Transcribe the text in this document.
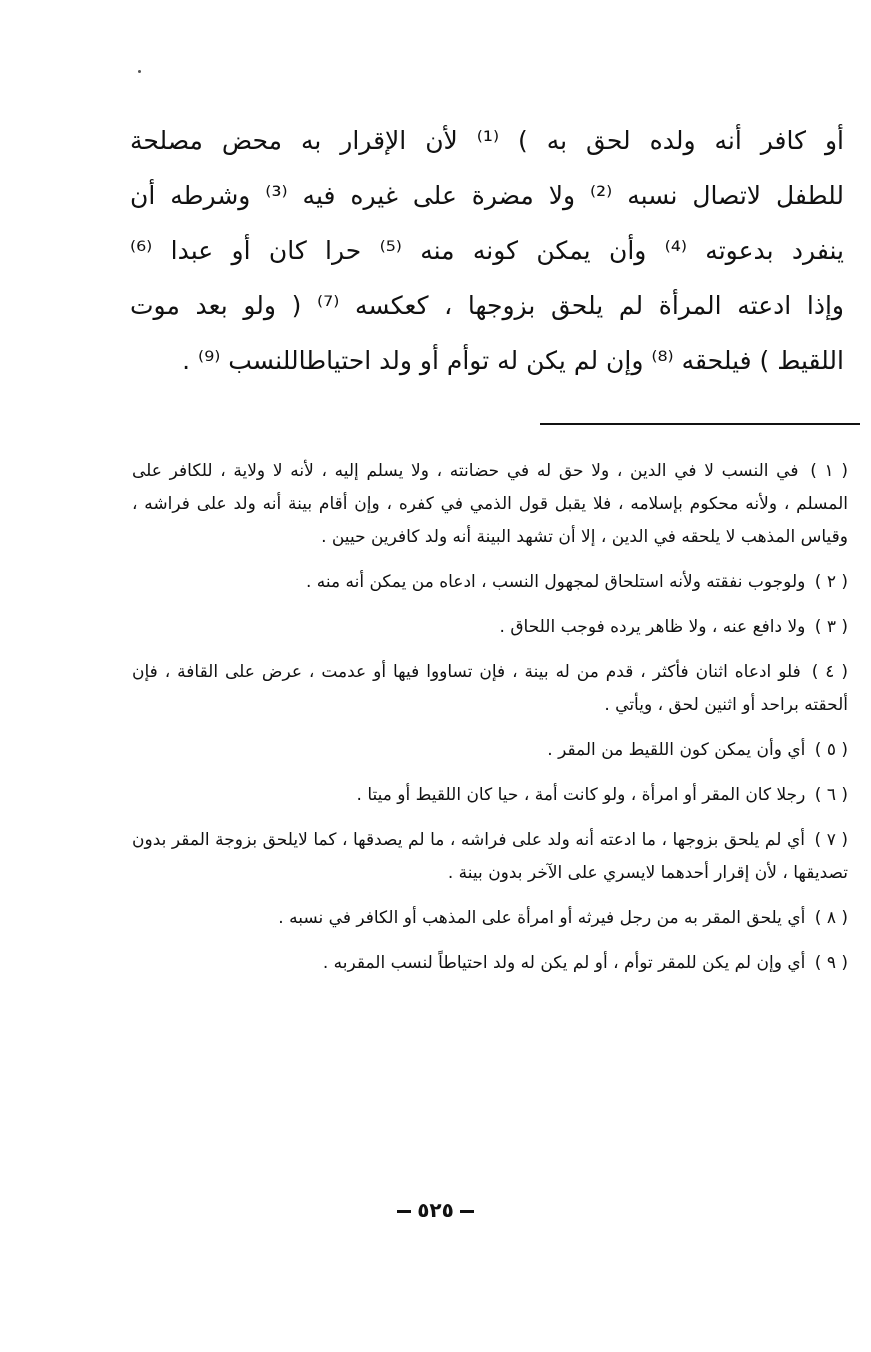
أو كافر أنه ولده لحق به ) ⁽¹⁾ لأن الإقرار به محض مصلحة
للطفل لاتصال نسبه ⁽²⁾ ولا مضرة على غيره فيه ⁽³⁾ وشرطه أن
ينفرد بدعوته ⁽⁴⁾ وأن يمكن كونه منه ⁽⁵⁾ حرا كان أو عبدا ⁽⁶⁾
وإذا ادعته المرأة لم يلحق بزوجها ، كعكسه ⁽⁷⁾ ( ولو بعد موت
اللقيط ) فيلحقه ⁽⁸⁾ وإن لم يكن له توأم أو ولد احتياطاللنسب ⁽⁹⁾ .

( ١ ) في النسب لا في الدين ، ولا حق له في حضانته ، ولا يسلم إليه ، لأنه لا ولاية ، للكافر على المسلم ، ولأنه محكوم بإسلامه ، فلا يقبل قول الذمي في كفره ، وإن أقام بينة أنه ولد على فراشه ، وقياس المذهب لا يلحقه في الدين ، إلا أن تشهد البينة أنه ولد كافرين حيين .

( ٢ ) ولوجوب نفقته ولأنه استلحاق لمجهول النسب ، ادعاه من يمكن أنه منه .

( ٣ ) ولا دافع عنه ، ولا ظاهر يرده فوجب اللحاق .

( ٤ ) فلو ادعاه اثنان فأكثر ، قدم من له بينة ، فإن تساووا فيها أو عدمت ، عرض على القافة ، فإن ألحقته براحد أو اثنين لحق ، ويأتي .

( ٥ ) أي وأن يمكن كون اللقيط من المقر .

( ٦ ) رجلا كان المقر أو امرأة ، ولو كانت أمة ، حيا كان اللقيط أو ميتا .

( ٧ ) أي لم يلحق بزوجها ، ما ادعته أنه ولد على فراشه ، ما لم يصدقها ، كما لايلحق بزوجة المقر بدون تصديقها ، لأن إقرار أحدهما لايسري على الآخر بدون بينة .

( ٨ ) أي يلحق المقر به من رجل فيرثه أو امرأة على المذهب أو الكافر في نسبه .

( ٩ ) أي وإن لم يكن للمقر توأم ، أو لم يكن له ولد احتياطاً لنسب المقربه .

٥٢٥
